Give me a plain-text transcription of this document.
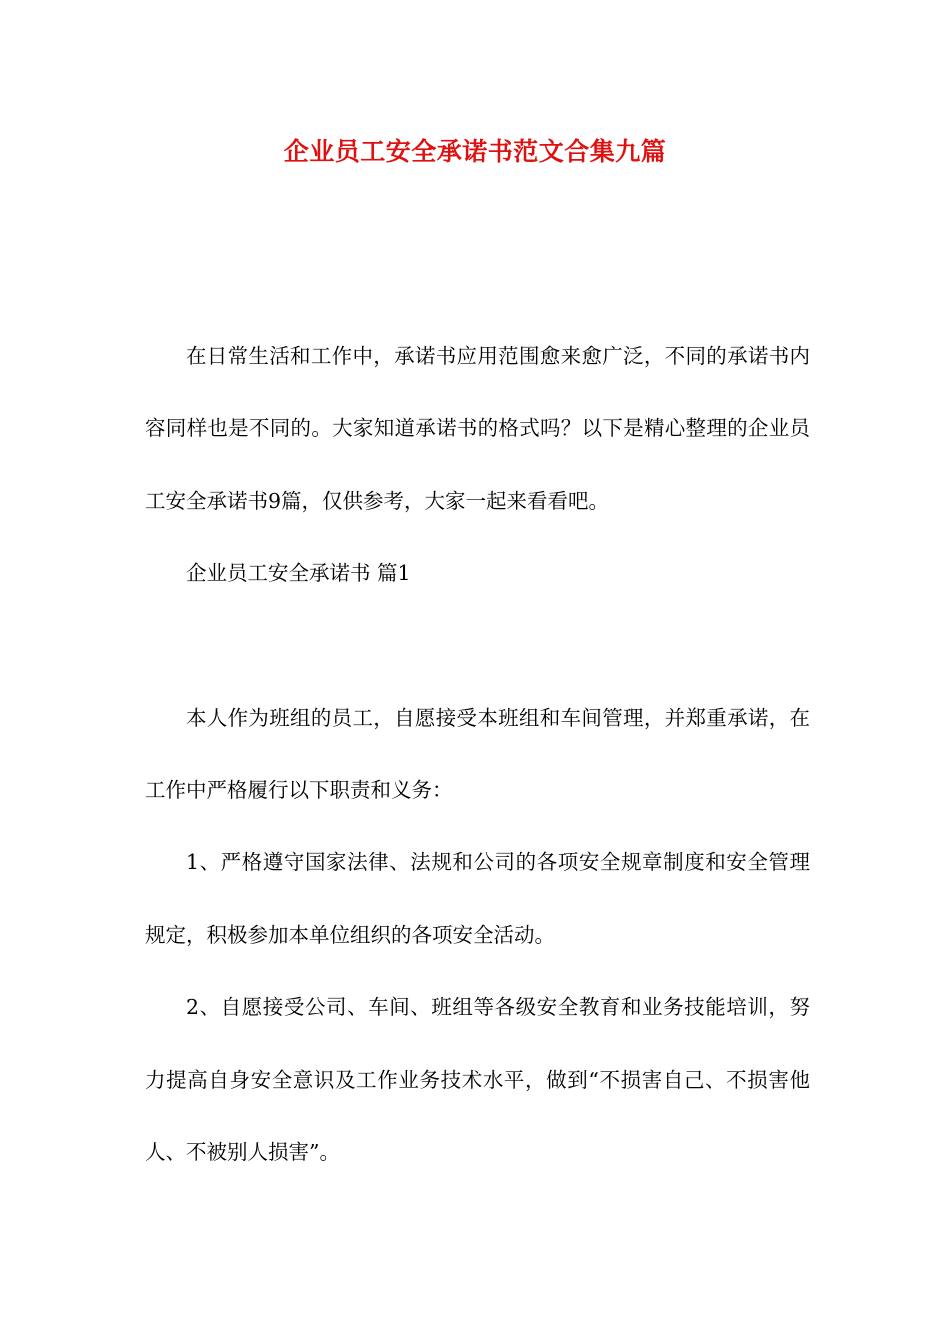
企业员工安全承诺书范文合集九篇

在日常生活和工作中，承诺书应用范围愈来愈广泛，不同的承诺书内容同样也是不同的。大家知道承诺书的格式吗？以下是精心整理的企业员工安全承诺书9篇，仅供参考，大家一起来看看吧。

企业员工安全承诺书 篇1

本人作为班组的员工，自愿接受本班组和车间管理，并郑重承诺，在工作中严格履行以下职责和义务：

1、严格遵守国家法律、法规和公司的各项安全规章制度和安全管理规定，积极参加本单位组织的各项安全活动。

2、自愿接受公司、车间、班组等各级安全教育和业务技能培训，努力提高自身安全意识及工作业务技术水平，做到“不损害自己、不损害他人、不被别人损害”。
